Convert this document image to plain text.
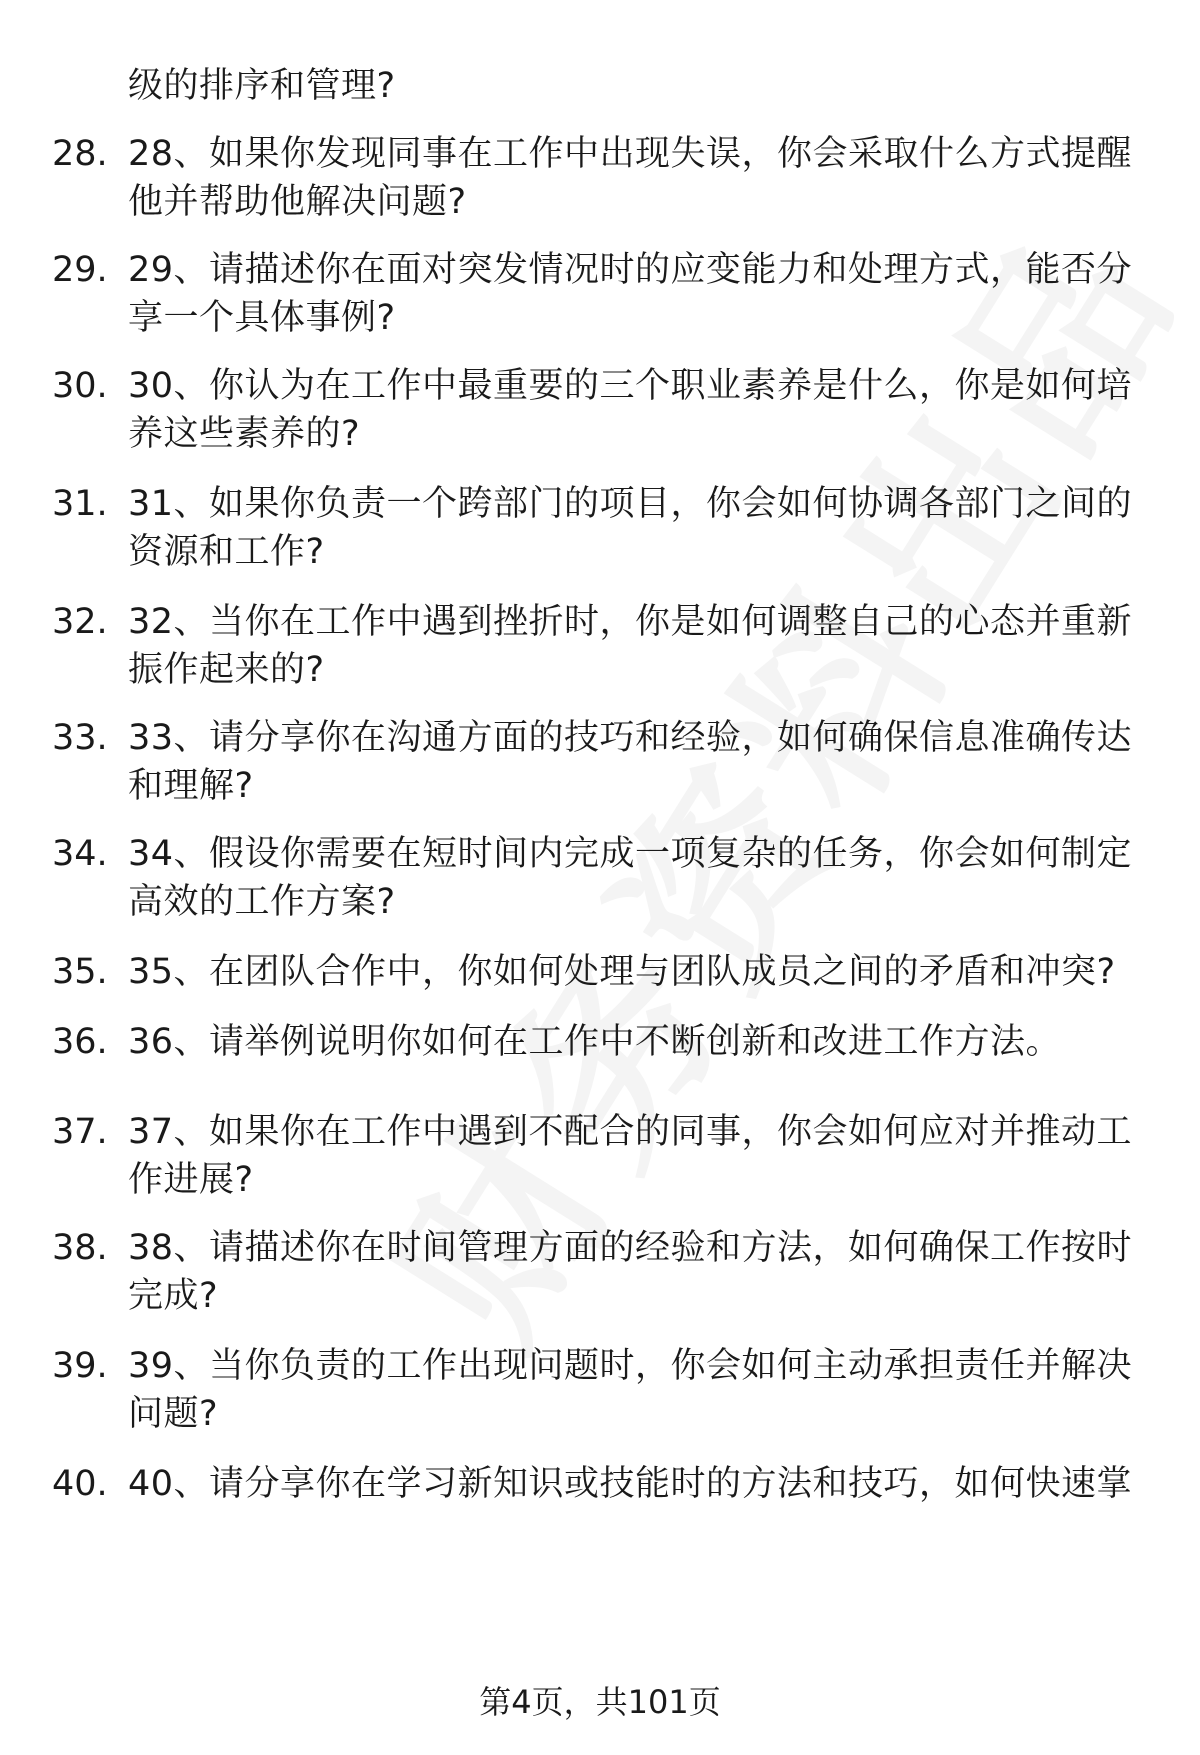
级的排序和管理?
28. 28、如果你发现同事在工作中出现失误，你会采取什么方式提醒他并帮助他解决问题?
29. 29、请描述你在面对突发情况时的应变能力和处理方式，能否分享一个具体事例?
30. 30、你认为在工作中最重要的三个职业素养是什么，你是如何培养这些素养的?
31. 31、如果你负责一个跨部门的项目，你会如何协调各部门之间的资源和工作?
32. 32、当你在工作中遇到挫折时，你是如何调整自己的心态并重新振作起来的?
33. 33、请分享你在沟通方面的技巧和经验，如何确保信息准确传达和理解?
34. 34、假设你需要在短时间内完成一项复杂的任务，你会如何制定高效的工作方案?
35. 35、在团队合作中，你如何处理与团队成员之间的矛盾和冲突?
36. 36、请举例说明你如何在工作中不断创新和改进工作方法。
37. 37、如果你在工作中遇到不配合的同事，你会如何应对并推动工作进展?
38. 38、请描述你在时间管理方面的经验和方法，如何确保工作按时完成?
39. 39、当你负责的工作出现问题时，你会如何主动承担责任并解决问题?
40. 40、请分享你在学习新知识或技能时的方法和技巧，如何快速掌
第4页，共101页
